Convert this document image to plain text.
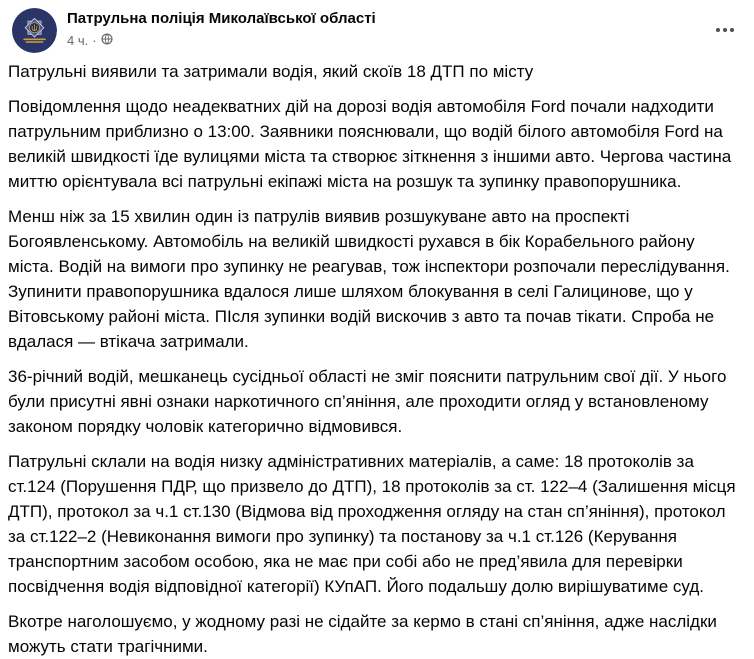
Патрульна поліція Миколаївської області
4 ч. ·

Патрульні виявили та затримали водія, який скоїв 18 ДТП по місту

Повідомлення щодо неадекватних дій на дорозі водія автомобіля Ford почали надходити патрульним приблизно о 13:00. Заявники пояснювали, що водій білого автомобіля Ford на великій швидкості їде вулицями міста та створює зіткнення з іншими авто. Чергова частина миттю орієнтувала всі патрульні екіпажі міста на розшук та зупинку правопорушника.

Менш ніж за 15 хвилин один із патрулів виявив розшукуване авто на проспекті Богоявленському. Автомобіль на великій швидкості рухався в бік Корабельного району міста. Водій на вимоги про зупинку не реагував, тож інспектори розпочали переслідування. Зупинити правопорушника вдалося лише шляхом блокування в селі Галицинове, що у Вітовському районі міста. ПІсля зупинки водій вискочив з авто та почав тікати. Спроба не вдалася — втікача затримали.

36-річний водій, мешканець сусідньої області не зміг пояснити патрульним свої дії. У нього були присутні явні ознаки наркотичного сп’яніння, але проходити огляд у встановленому законом порядку чоловік категорично відмовився.

Патрульні склали на водія низку адміністративних матеріалів, а саме: 18 протоколів за ст.124 (Порушення ПДР, що призвело до ДТП), 18 протоколів за ст. 122–4 (Залишення місця ДТП), протокол за ч.1 ст.130 (Відмова від проходження огляду на стан сп’яніння), протокол за ст.122–2 (Невиконання вимоги про зупинку) та постанову за ч.1 ст.126 (Керування транспортним засобом особою, яка не має при собі або не пред’явила для перевірки посвідчення водія відповідної категорії) КУпАП. Його подальшу долю вирішуватиме суд.

Вкотре наголошуємо, у жодному разі не сідайте за кермо в стані сп’яніння, адже наслідки можуть стати трагічними.
